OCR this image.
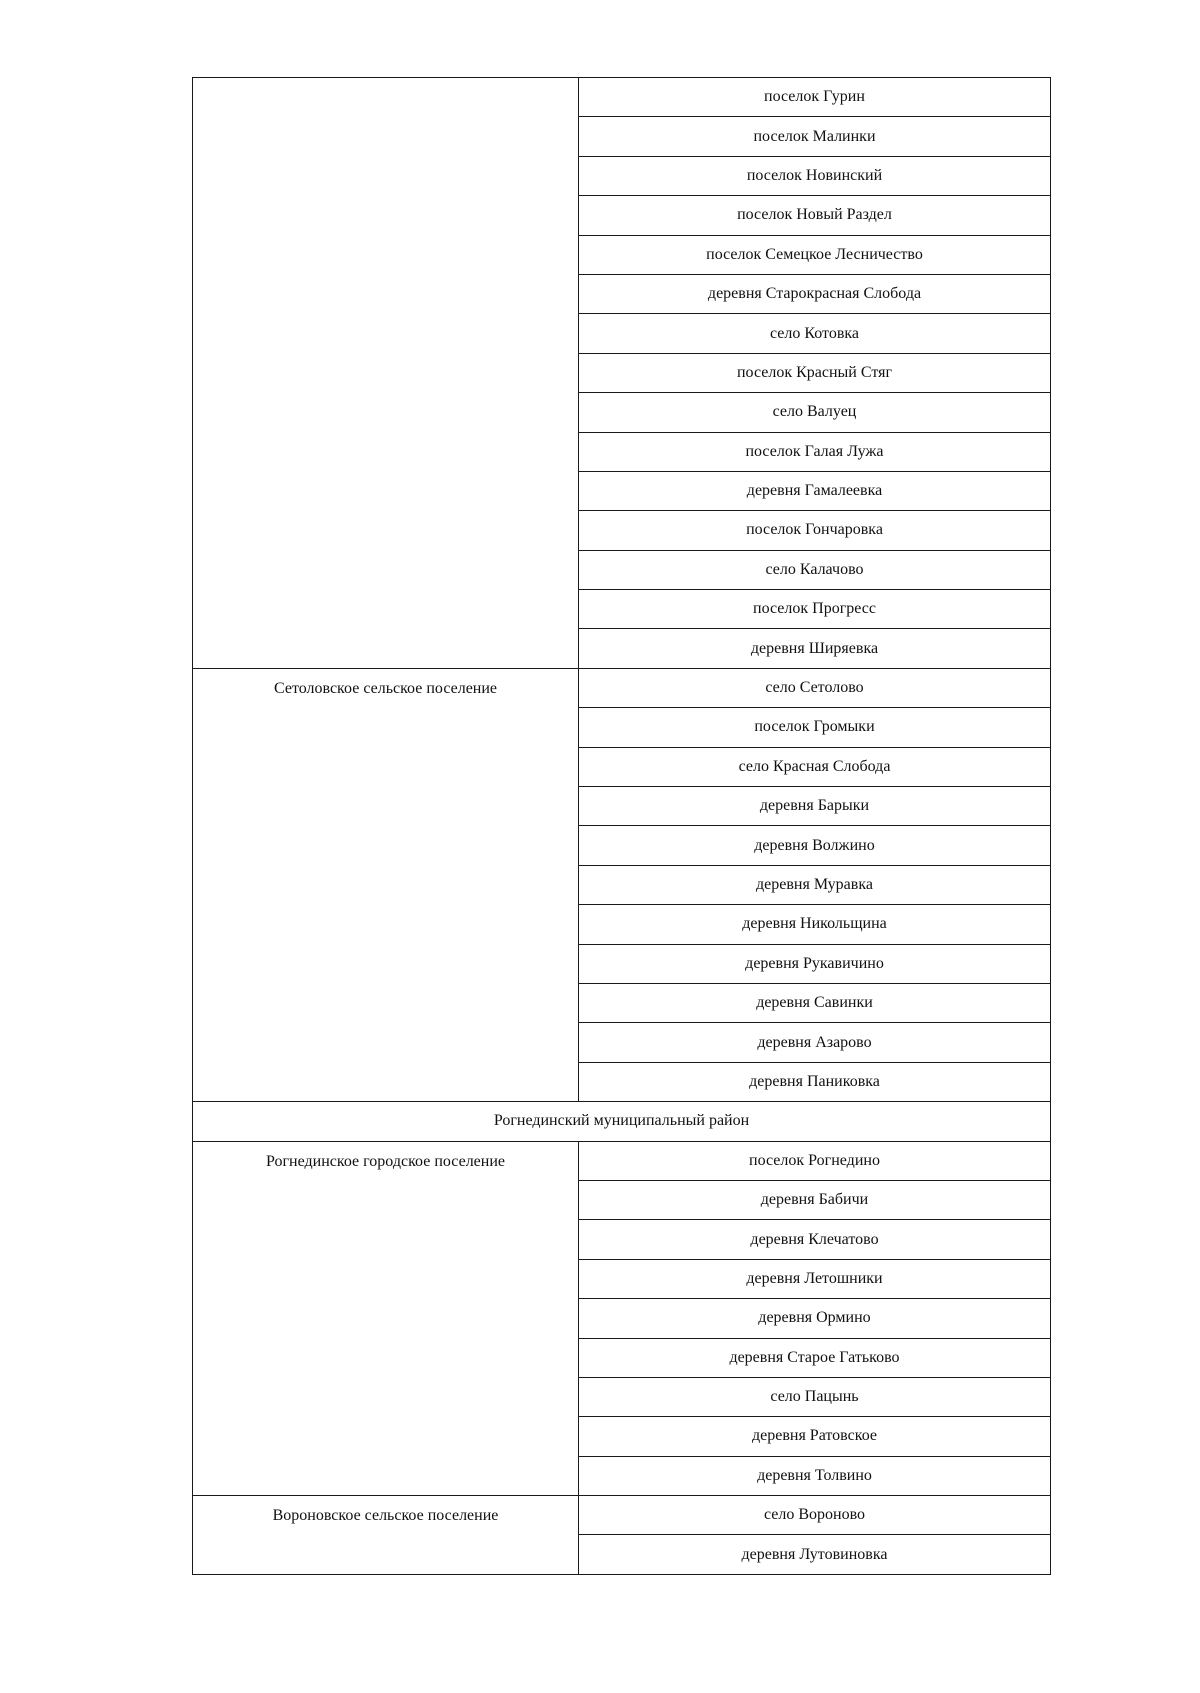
	поселок Гурин
	поселок Малинки
	поселок Новинский
	поселок Новый Раздел
	поселок Семецкое Лесничество
	деревня Старокрасная Слобода
	село Котовка
	поселок Красный Стяг
	село Валуец
	поселок Галая Лужа
	деревня Гамалеевка
	поселок Гончаровка
	село Калачово
	поселок Прогресс
	деревня Ширяевка
Сетоловское сельское поселение	село Сетолово
	поселок Громыки
	село Красная Слобода
	деревня Барыки
	деревня Волжино
	деревня Муравка
	деревня Никольщина
	деревня Рукавичино
	деревня Савинки
	деревня Азарово
	деревня Паниковка
Рогнединский муниципальный район	
Рогнединское городское поселение	поселок Рогнедино
	деревня Бабичи
	деревня Клечатово
	деревня Летошники
	деревня Ормино
	деревня Старое Гатьково
	село Пацынь
	деревня Ратовское
	деревня Толвино
Вороновское сельское поселение	село Вороново
	деревня Лутовиновка
